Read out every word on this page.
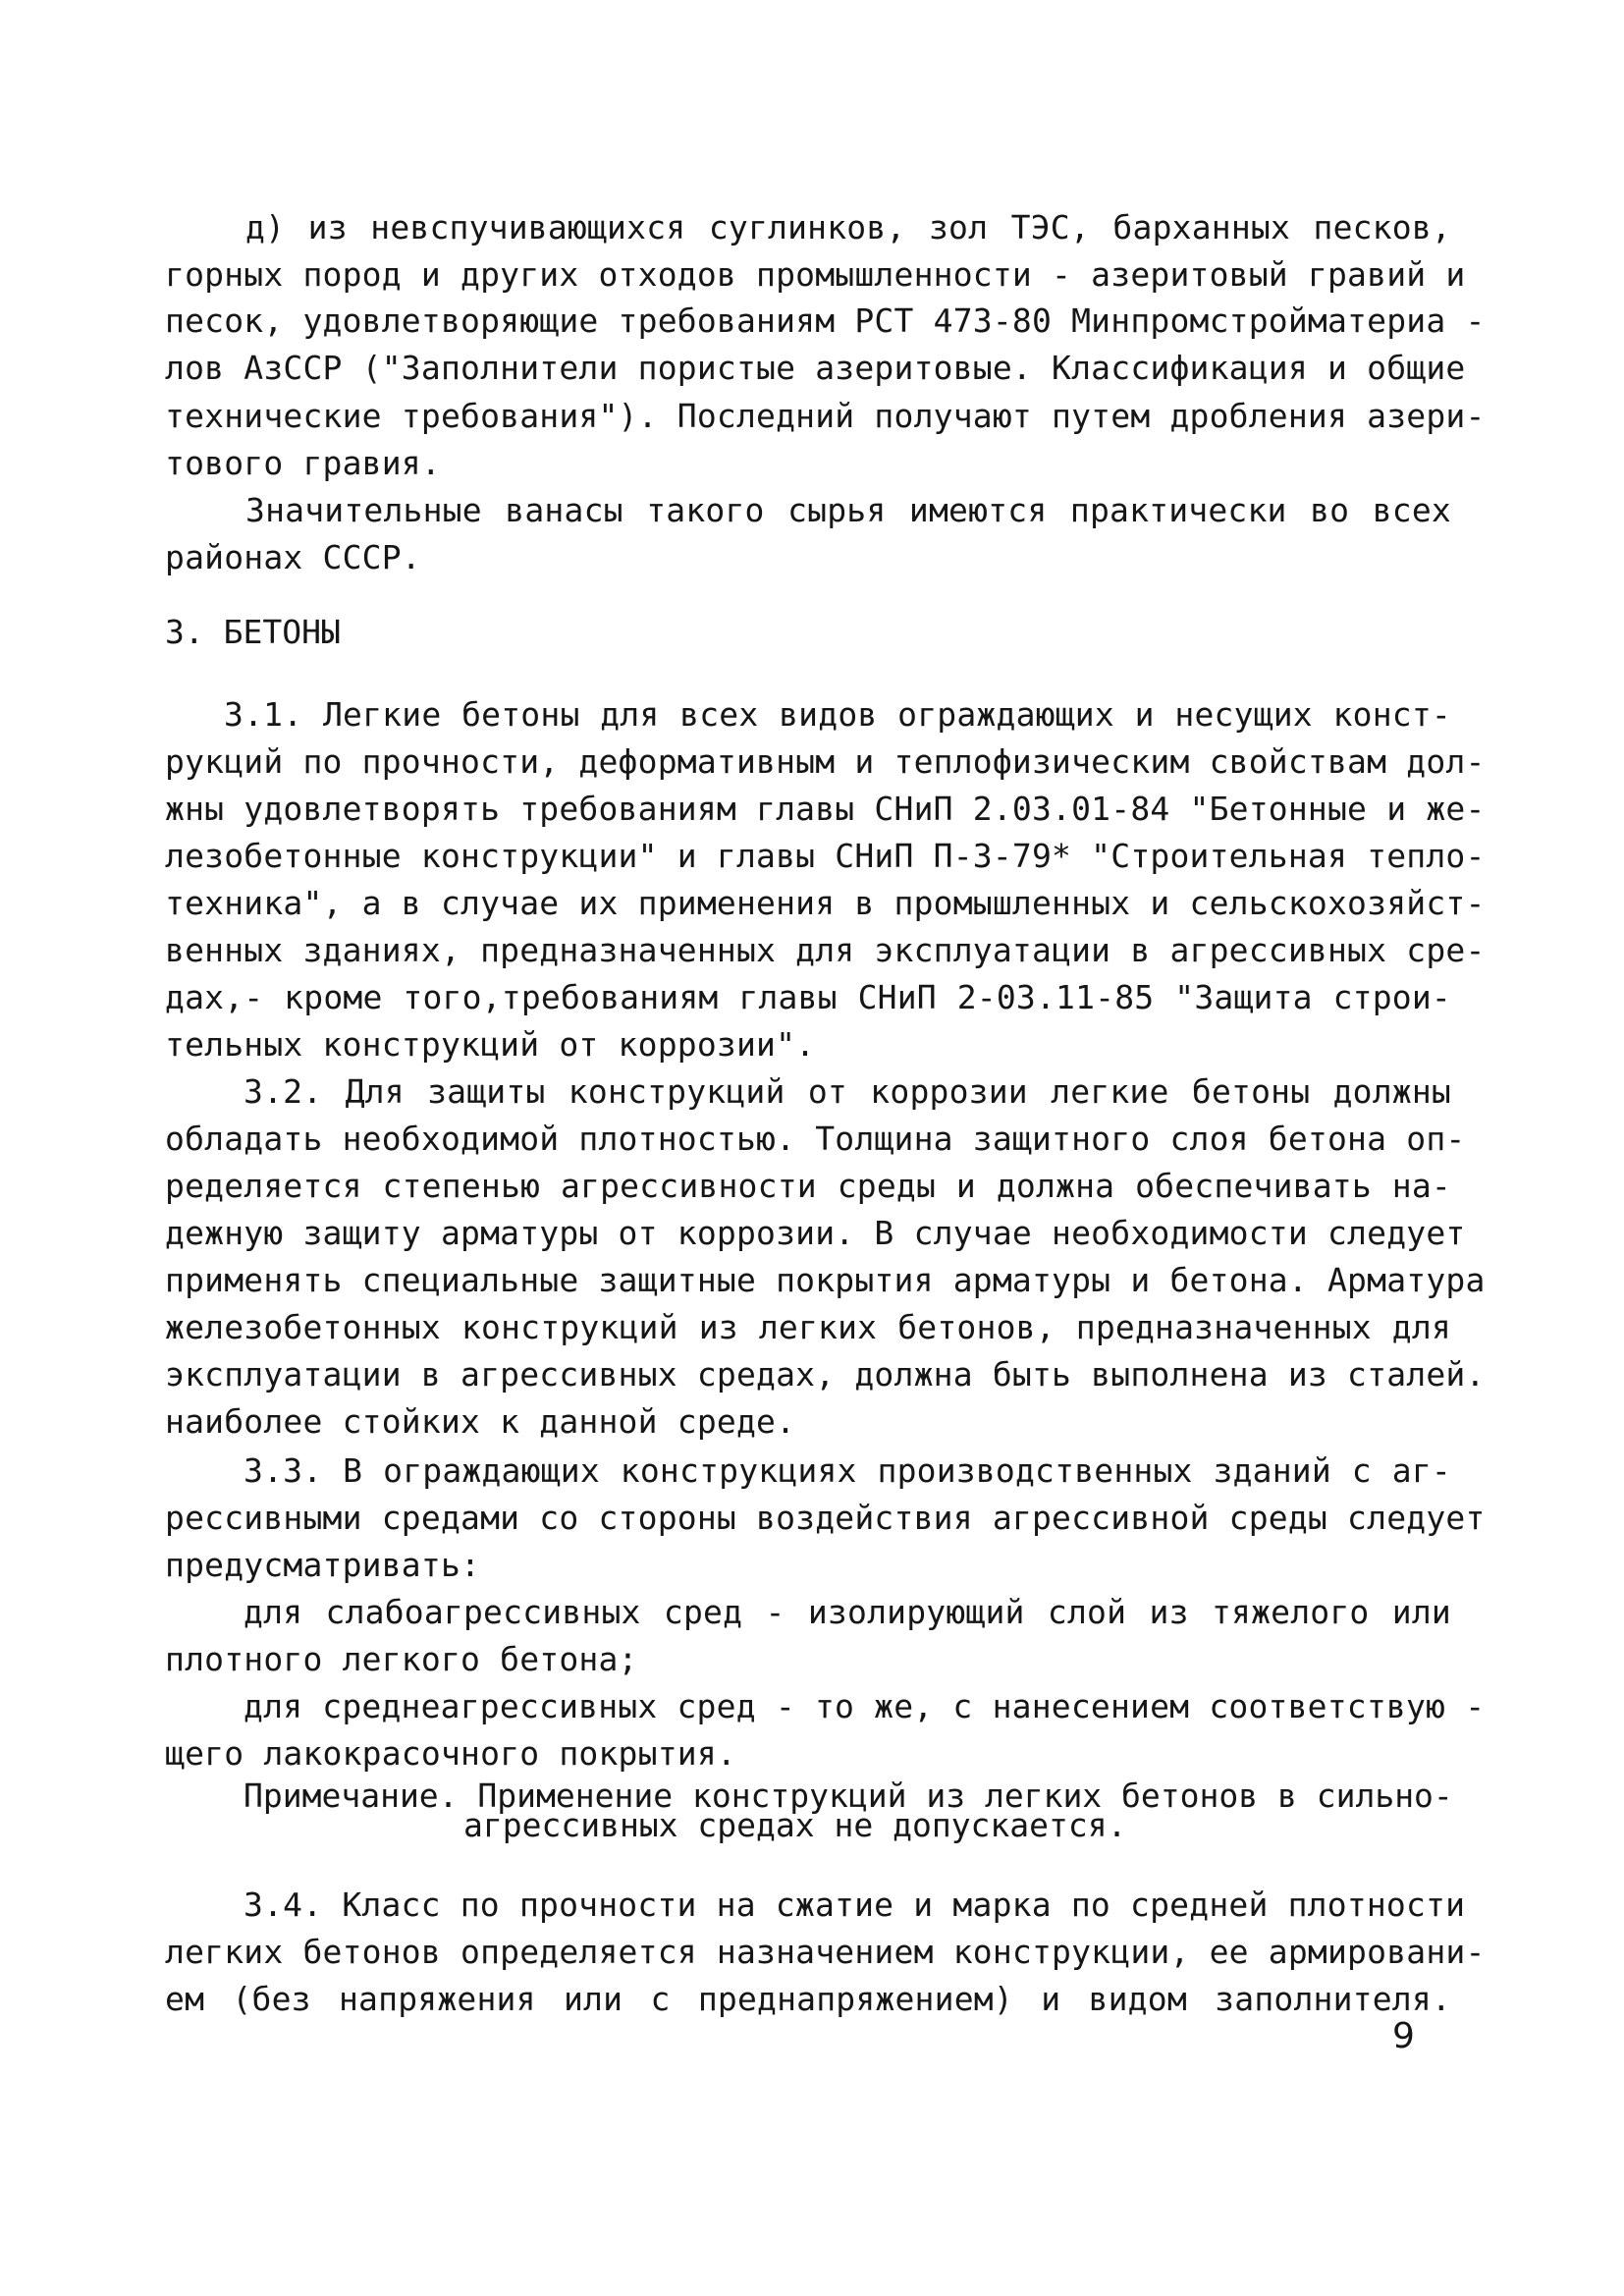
д) из невспучивающихся суглинков, зол ТЭС, барханных песков,
горных пород и других отходов промышленности - азеритовый гравий и
песок, удовлетворяющие требованиям РСТ 473-80 Минпромстройматериа -
лов АзССР ("Заполнители пористые азеритовые. Классификация и общие
технические требования"). Последний получают путем дробления азери-
тового гравия.
Значительные ванасы такого сырья имеются практически во всех
районах СССР.
3. БЕТОНЫ
3.1. Легкие бетоны для всех видов ограждающих и несущих конст-
рукций по прочности, деформативным и теплофизическим свойствам дол-
жны удовлетворять требованиям главы СНиП 2.03.01-84 "Бетонные и же-
лезобетонные конструкции" и главы СНиП П-3-79* "Строительная тепло-
техника", а в случае их применения в промышленных и сельскохозяйст-
венных зданиях, предназначенных для эксплуатации в агрессивных сре-
дах,- кроме того,требованиям главы СНиП 2-03.11-85 "Защита строи-
тельных конструкций от коррозии".
3.2. Для защиты конструкций от коррозии легкие бетоны должны
обладать необходимой плотностью. Толщина защитного слоя бетона оп-
ределяется степенью агрессивности среды и должна обеспечивать на-
дежную защиту арматуры от коррозии. В случае необходимости следует
применять специальные защитные покрытия арматуры и бетона. Арматура
железобетонных конструкций из легких бетонов, предназначенных для
эксплуатации в агрессивных средах, должна быть выполнена из сталей.
наиболее стойких к данной среде.
3.3. В ограждающих конструкциях производственных зданий с аг-
рессивными средами со стороны воздействия агрессивной среды следует
предусматривать:
для слабоагрессивных сред - изолирующий слой из тяжелого или
плотного легкого бетона;
для среднеагрессивных сред - то же, с нанесением соответствую -
щего лакокрасочного покрытия.
Примечание. Применение конструкций из легких бетонов в сильно-
агрессивных средах не допускается.
3.4. Класс по прочности на сжатие и марка по средней плотности
легких бетонов определяется назначением конструкции, ее армировани-
ем (без напряжения или с преднапряжением) и видом заполнителя.
9
